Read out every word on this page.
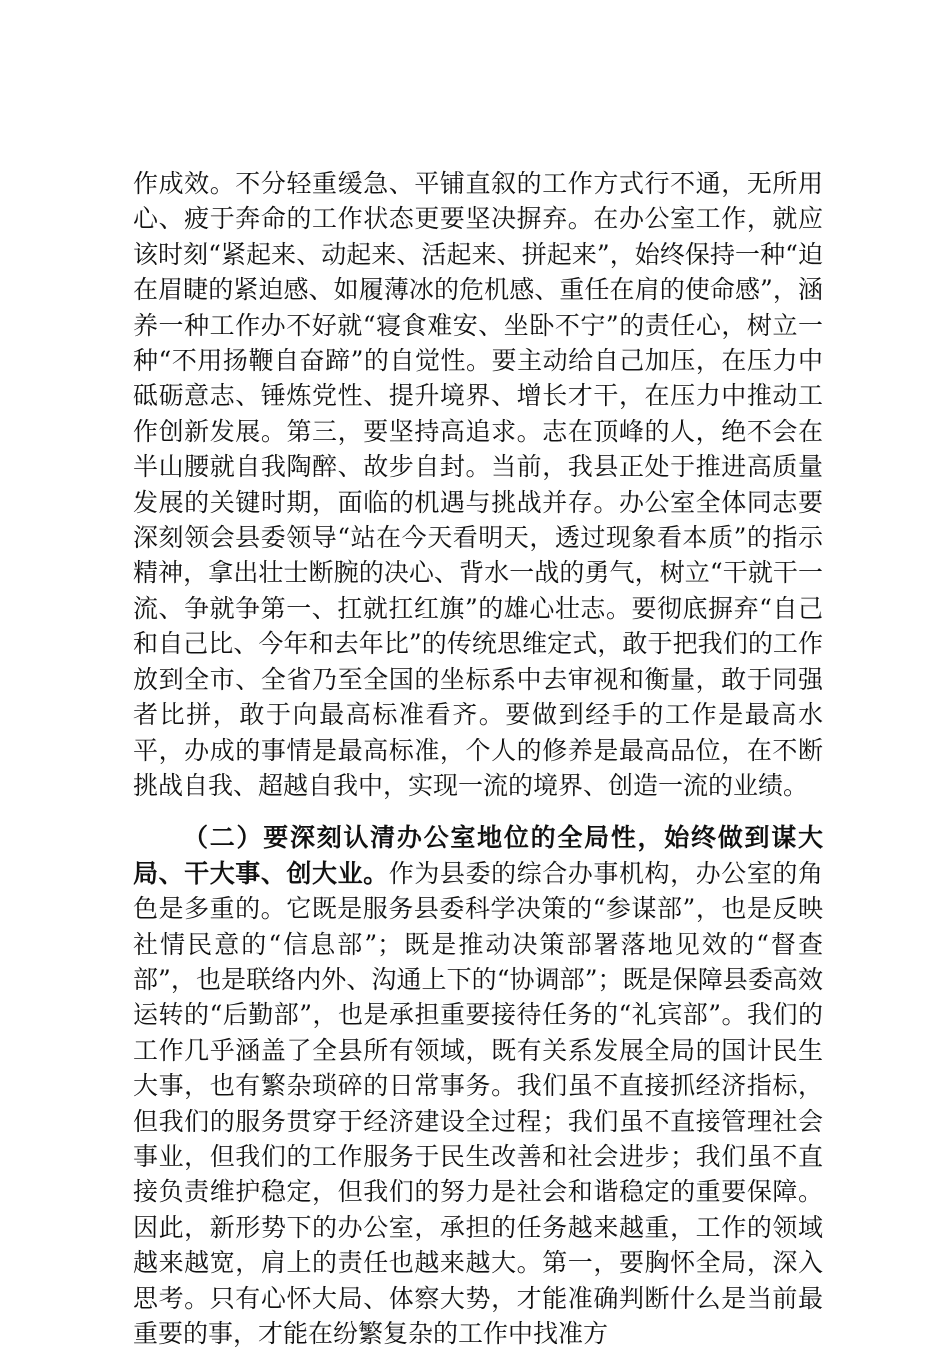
作成效。不分轻重缓急、平铺直叙的工作方式行不通，无所用心、疲于奔命的工作状态更要坚决摒弃。在办公室工作，就应该时刻“紧起来、动起来、活起来、拼起来”，始终保持一种“迫在眉睫的紧迫感、如履薄冰的危机感、重任在肩的使命感”，涵养一种工作办不好就“寝食难安、坐卧不宁”的责任心，树立一种“不用扬鞭自奋蹄”的自觉性。要主动给自己加压，在压力中砥砺意志、锤炼党性、提升境界、增长才干，在压力中推动工作创新发展。第三，要坚持高追求。志在顶峰的人，绝不会在半山腰就自我陶醉、故步自封。当前，我县正处于推进高质量发展的关键时期，面临的机遇与挑战并存。办公室全体同志要深刻领会县委领导“站在今天看明天，透过现象看本质”的指示精神，拿出壮士断腕的决心、背水一战的勇气，树立“干就干一流、争就争第一、扛就扛红旗”的雄心壮志。要彻底摒弃“自己和自己比、今年和去年比”的传统思维定式，敢于把我们的工作放到全市、全省乃至全国的坐标系中去审视和衡量，敢于同强者比拼，敢于向最高标准看齐。要做到经手的工作是最高水平，办成的事情是最高标准，个人的修养是最高品位，在不断挑战自我、超越自我中，实现一流的境界、创造一流的业绩。

（二）要深刻认清办公室地位的全局性，始终做到谋大局、干大事、创大业。作为县委的综合办事机构，办公室的角色是多重的。它既是服务县委科学决策的“参谋部”，也是反映社情民意的“信息部”；既是推动决策部署落地见效的“督查部”，也是联络内外、沟通上下的“协调部”；既是保障县委高效运转的“后勤部”，也是承担重要接待任务的“礼宾部”。我们的工作几乎涵盖了全县所有领域，既有关系发展全局的国计民生大事，也有繁杂琐碎的日常事务。我们虽不直接抓经济指标，但我们的服务贯穿于经济建设全过程；我们虽不直接管理社会事业，但我们的工作服务于民生改善和社会进步；我们虽不直接负责维护稳定，但我们的努力是社会和谐稳定的重要保障。因此，新形势下的办公室，承担的任务越来越重，工作的领域越来越宽，肩上的责任也越来越大。第一，要胸怀全局，深入思考。只有心怀大局、体察大势，才能准确判断什么是当前最重要的事，才能在纷繁复杂的工作中找准方
